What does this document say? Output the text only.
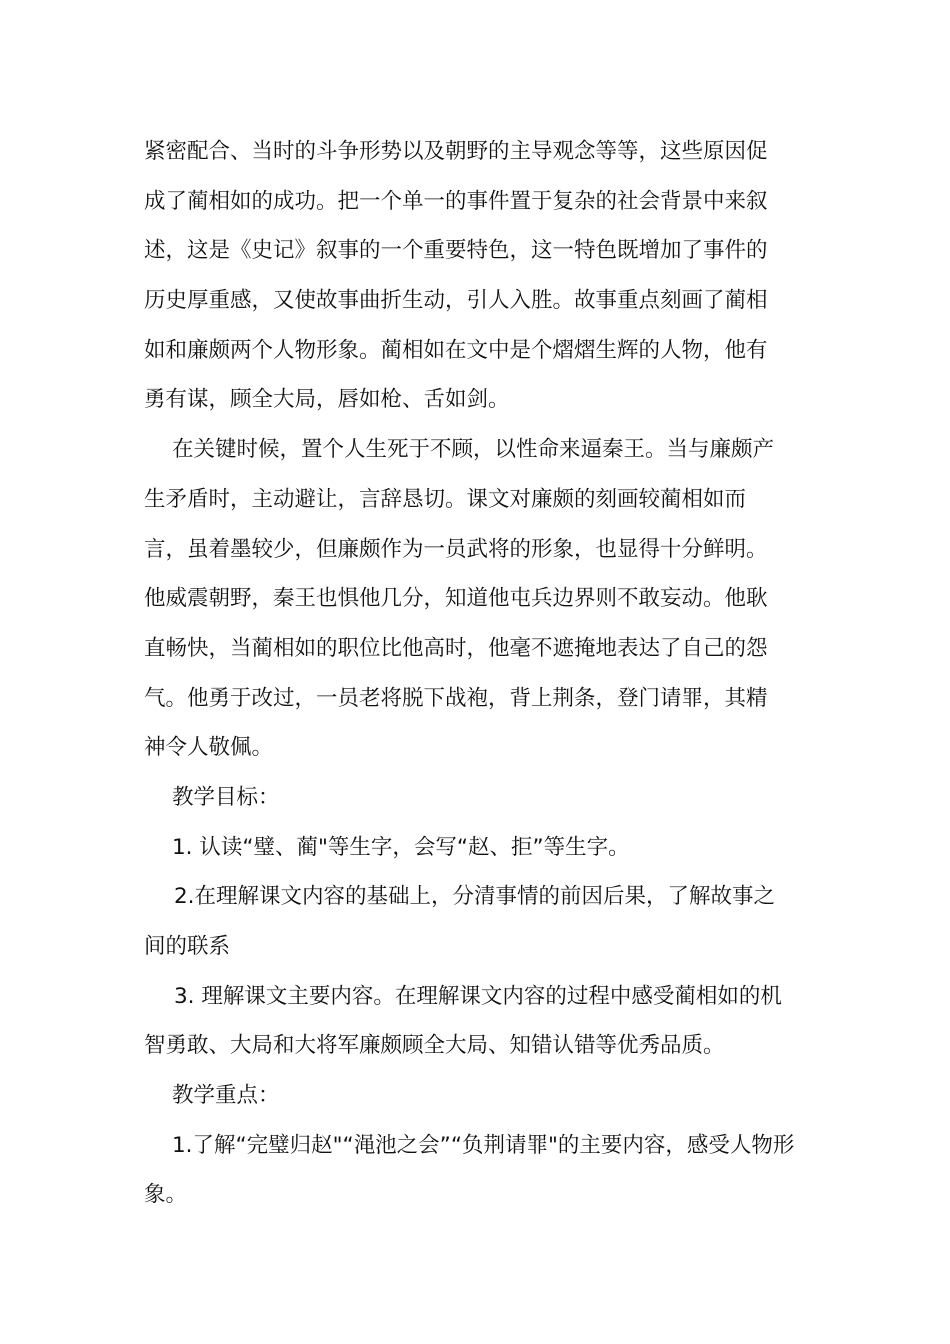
紧密配合、当时的斗争形势以及朝野的主导观念等等，这些原因促
成了蔺相如的成功。把一个单一的事件置于复杂的社会背景中来叙
述，这是《史记》叙事的一个重要特色，这一特色既增加了事件的
历史厚重感，又使故事曲折生动，引人入胜。故事重点刻画了蔺相
如和廉颇两个人物形象。蔺相如在文中是个熠熠生辉的人物，他有
勇有谋，顾全大局，唇如枪、舌如剑。
在关键时候，置个人生死于不顾，以性命来逼秦王。当与廉颇产
生矛盾时，主动避让，言辞恳切。课文对廉颇的刻画较蔺相如而
言，虽着墨较少，但廉颇作为一员武将的形象，也显得十分鲜明。
他威震朝野，秦王也惧他几分，知道他屯兵边界则不敢妄动。他耿
直畅快，当蔺相如的职位比他高时，他毫不遮掩地表达了自己的怨
气。他勇于改过，一员老将脱下战袍，背上荆条，登门请罪，其精
神令人敬佩。
教学目标：
1. 认读“璧、蔺"等生字，会写“赵、拒”等生字。
2.在理解课文内容的基础上，分清事情的前因后果，了解故事之
间的联系
3. 理解课文主要内容。在理解课文内容的过程中感受蔺相如的机
智勇敢、大局和大将军廉颇顾全大局、知错认错等优秀品质。
教学重点：
1.了解“完璧归赵"“渑池之会”“负荆请罪"的主要内容，感受人物形
象。
